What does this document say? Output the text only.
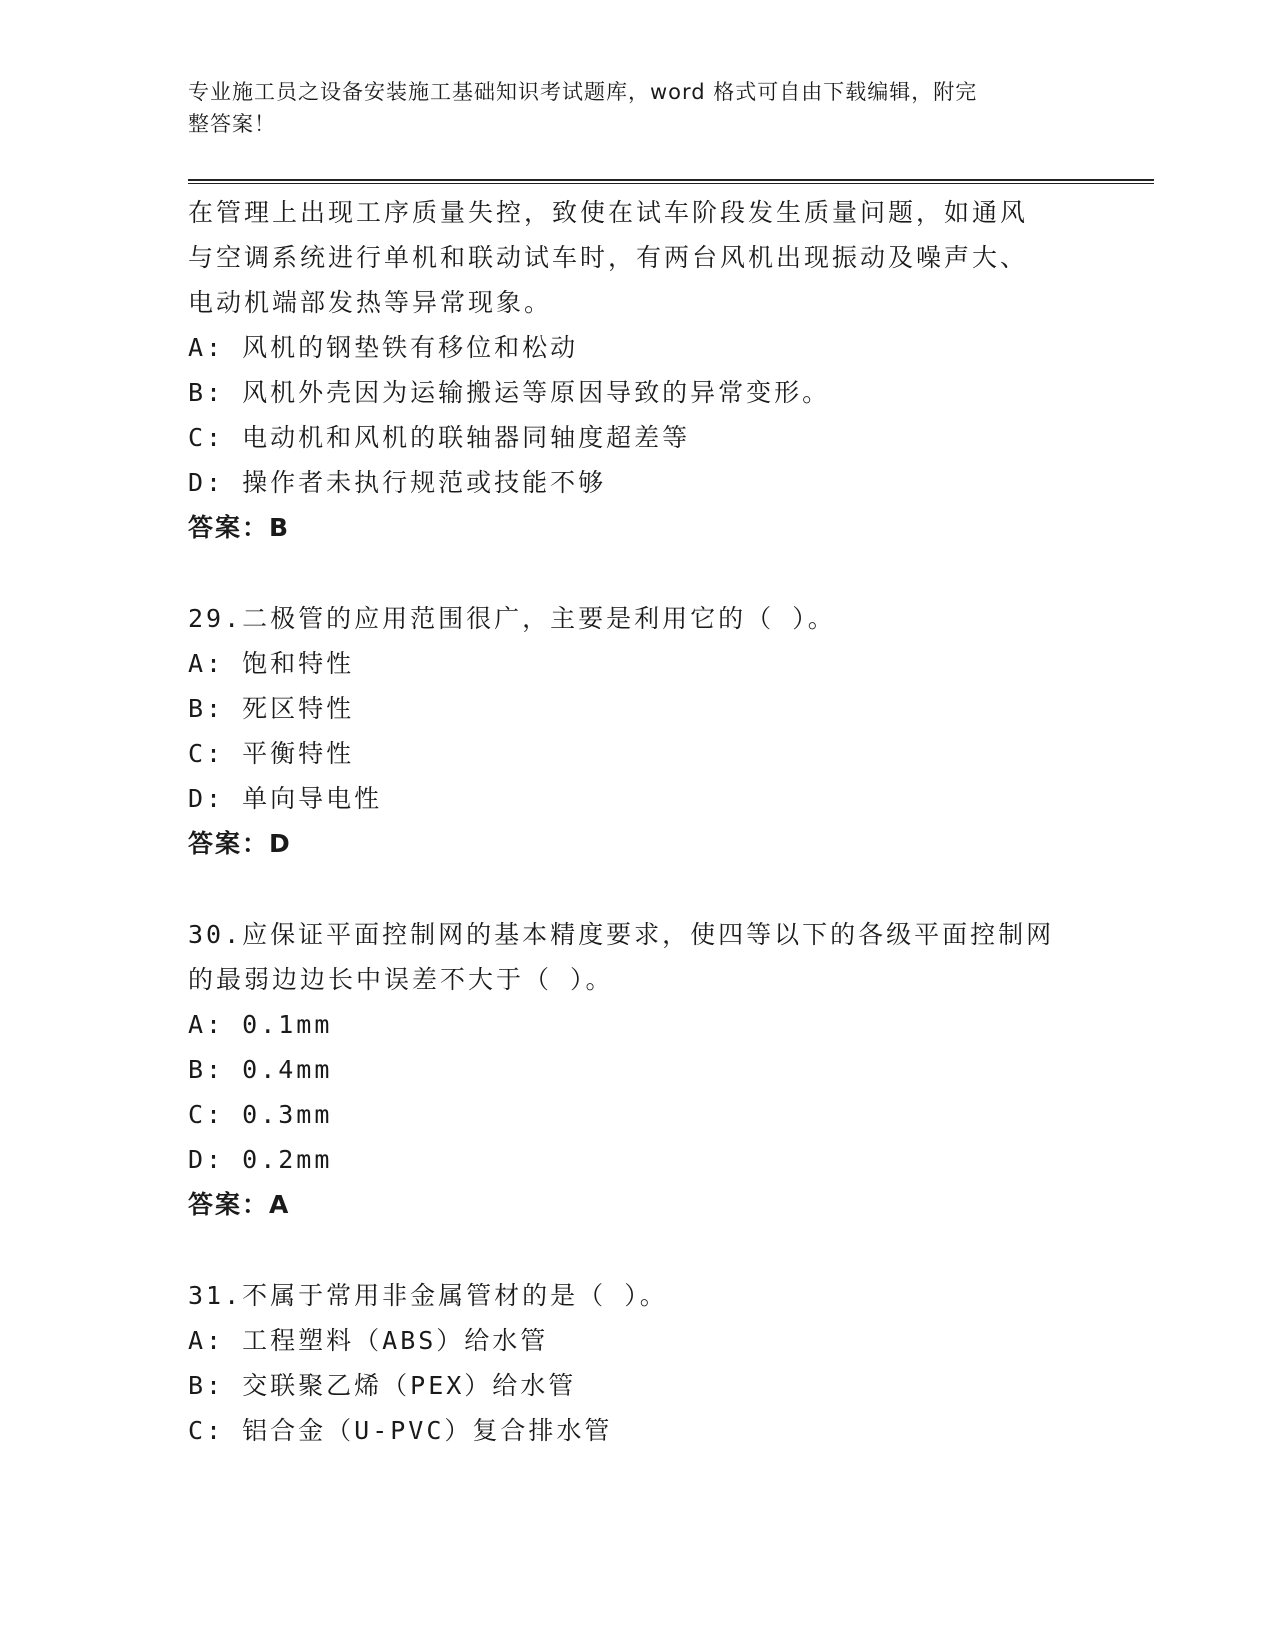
专业施工员之设备安装施工基础知识考试题库，word 格式可自由下载编辑，附完
整答案！
在管理上出现工序质量失控，致使在试车阶段发生质量问题，如通风
与空调系统进行单机和联动试车时，有两台风机出现振动及噪声大、
电动机端部发热等异常现象。
A: 风机的钢垫铁有移位和松动
B: 风机外壳因为运输搬运等原因导致的异常变形。
C: 电动机和风机的联轴器同轴度超差等
D: 操作者未执行规范或技能不够
答案：B
29.二极管的应用范围很广，主要是利用它的（ ）。
A: 饱和特性
B: 死区特性
C: 平衡特性
D: 单向导电性
答案：D
30.应保证平面控制网的基本精度要求，使四等以下的各级平面控制网
的最弱边边长中误差不大于（ ）。
A: 0.1mm
B: 0.4mm
C: 0.3mm
D: 0.2mm
答案：A
31.不属于常用非金属管材的是（ ）。
A: 工程塑料（ABS）给水管
B: 交联聚乙烯（PEX）给水管
C: 铝合金（U-PVC）复合排水管
